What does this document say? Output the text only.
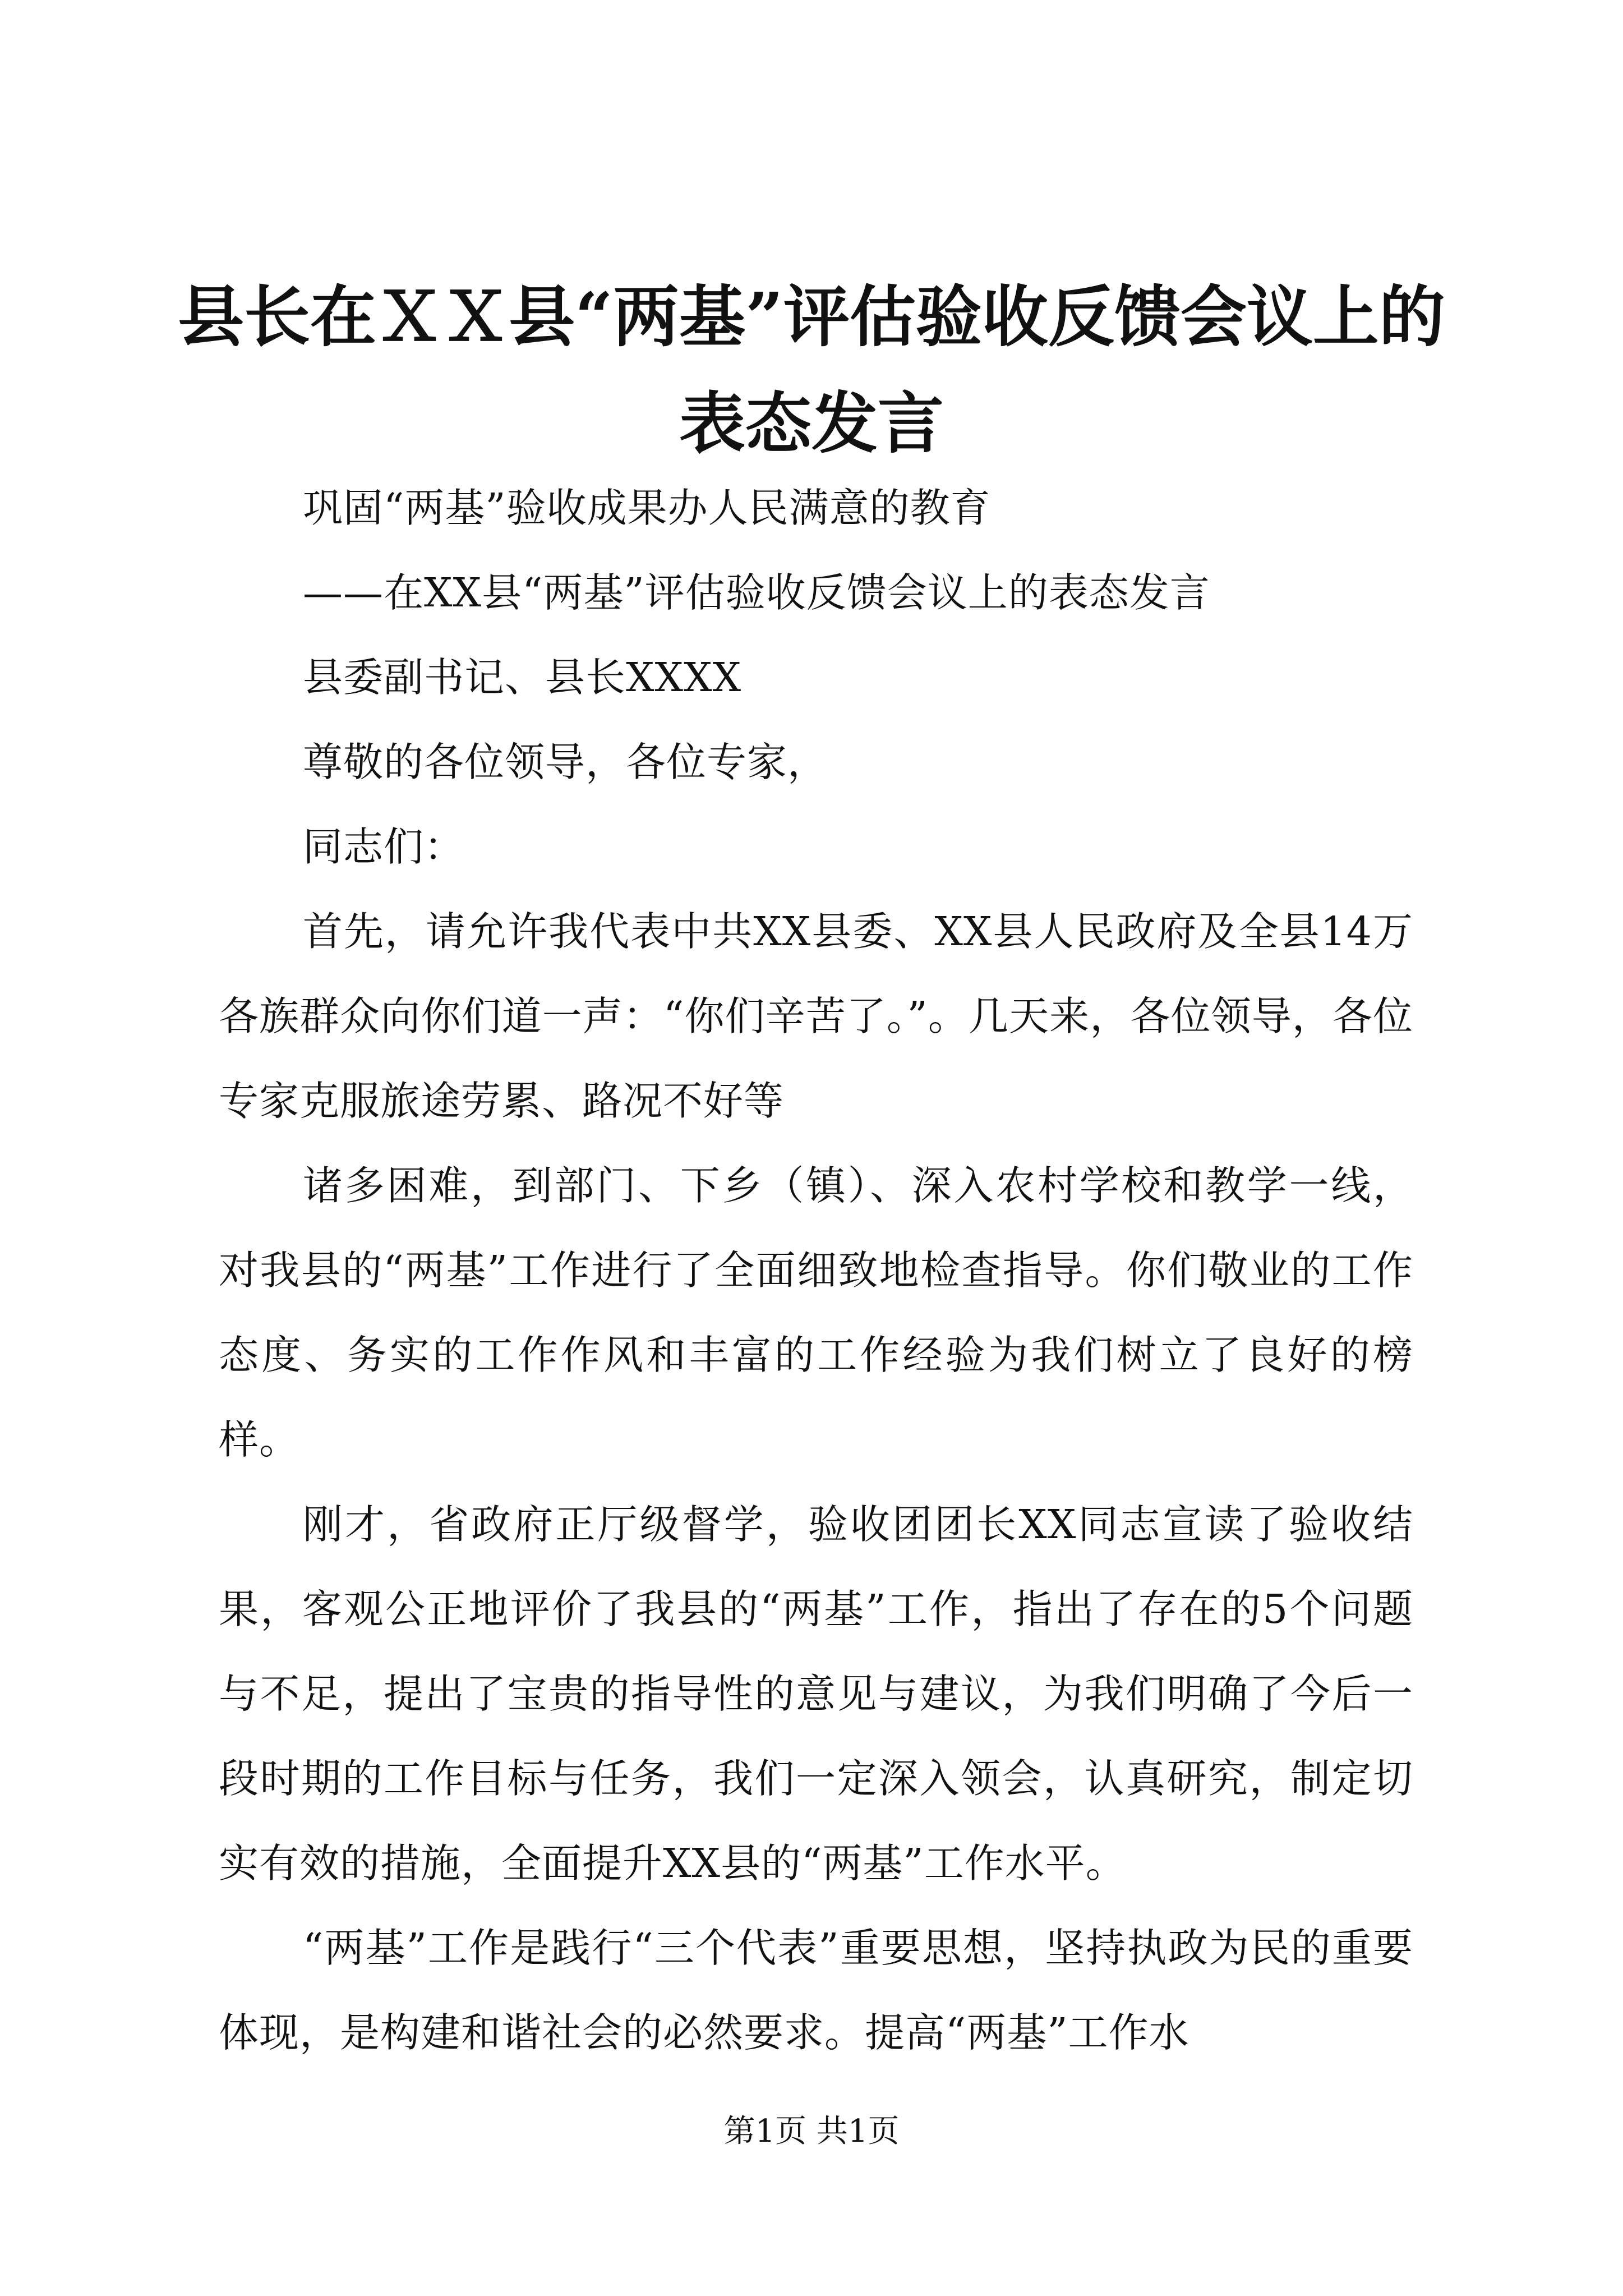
县长在ＸＸ县“两基”评估验收反馈会议上的
表态发言

巩固“两基”验收成果办人民满意的教育

——在XX县“两基”评估验收反馈会议上的表态发言

县委副书记、县长XXXX

尊敬的各位领导，各位专家，

同志们：

首先，请允许我代表中共XX县委、XX县人民政府及全县14万各族群众向你们道一声：“你们辛苦了。”。几天来，各位领导，各位专家克服旅途劳累、路况不好等

诸多困难，到部门、下乡（镇）、深入农村学校和教学一线，对我县的“两基”工作进行了全面细致地检查指导。你们敬业的工作态度、务实的工作作风和丰富的工作经验为我们树立了良好的榜样。

刚才，省政府正厅级督学，验收团团长XX同志宣读了验收结果，客观公正地评价了我县的“两基”工作，指出了存在的5个问题与不足，提出了宝贵的指导性的意见与建议，为我们明确了今后一段时期的工作目标与任务，我们一定深入领会，认真研究，制定切实有效的措施，全面提升XX县的“两基”工作水平。

“两基”工作是践行“三个代表”重要思想，坚持执政为民的重要体现，是构建和谐社会的必然要求。提高“两基”工作水

第1页 共1页
